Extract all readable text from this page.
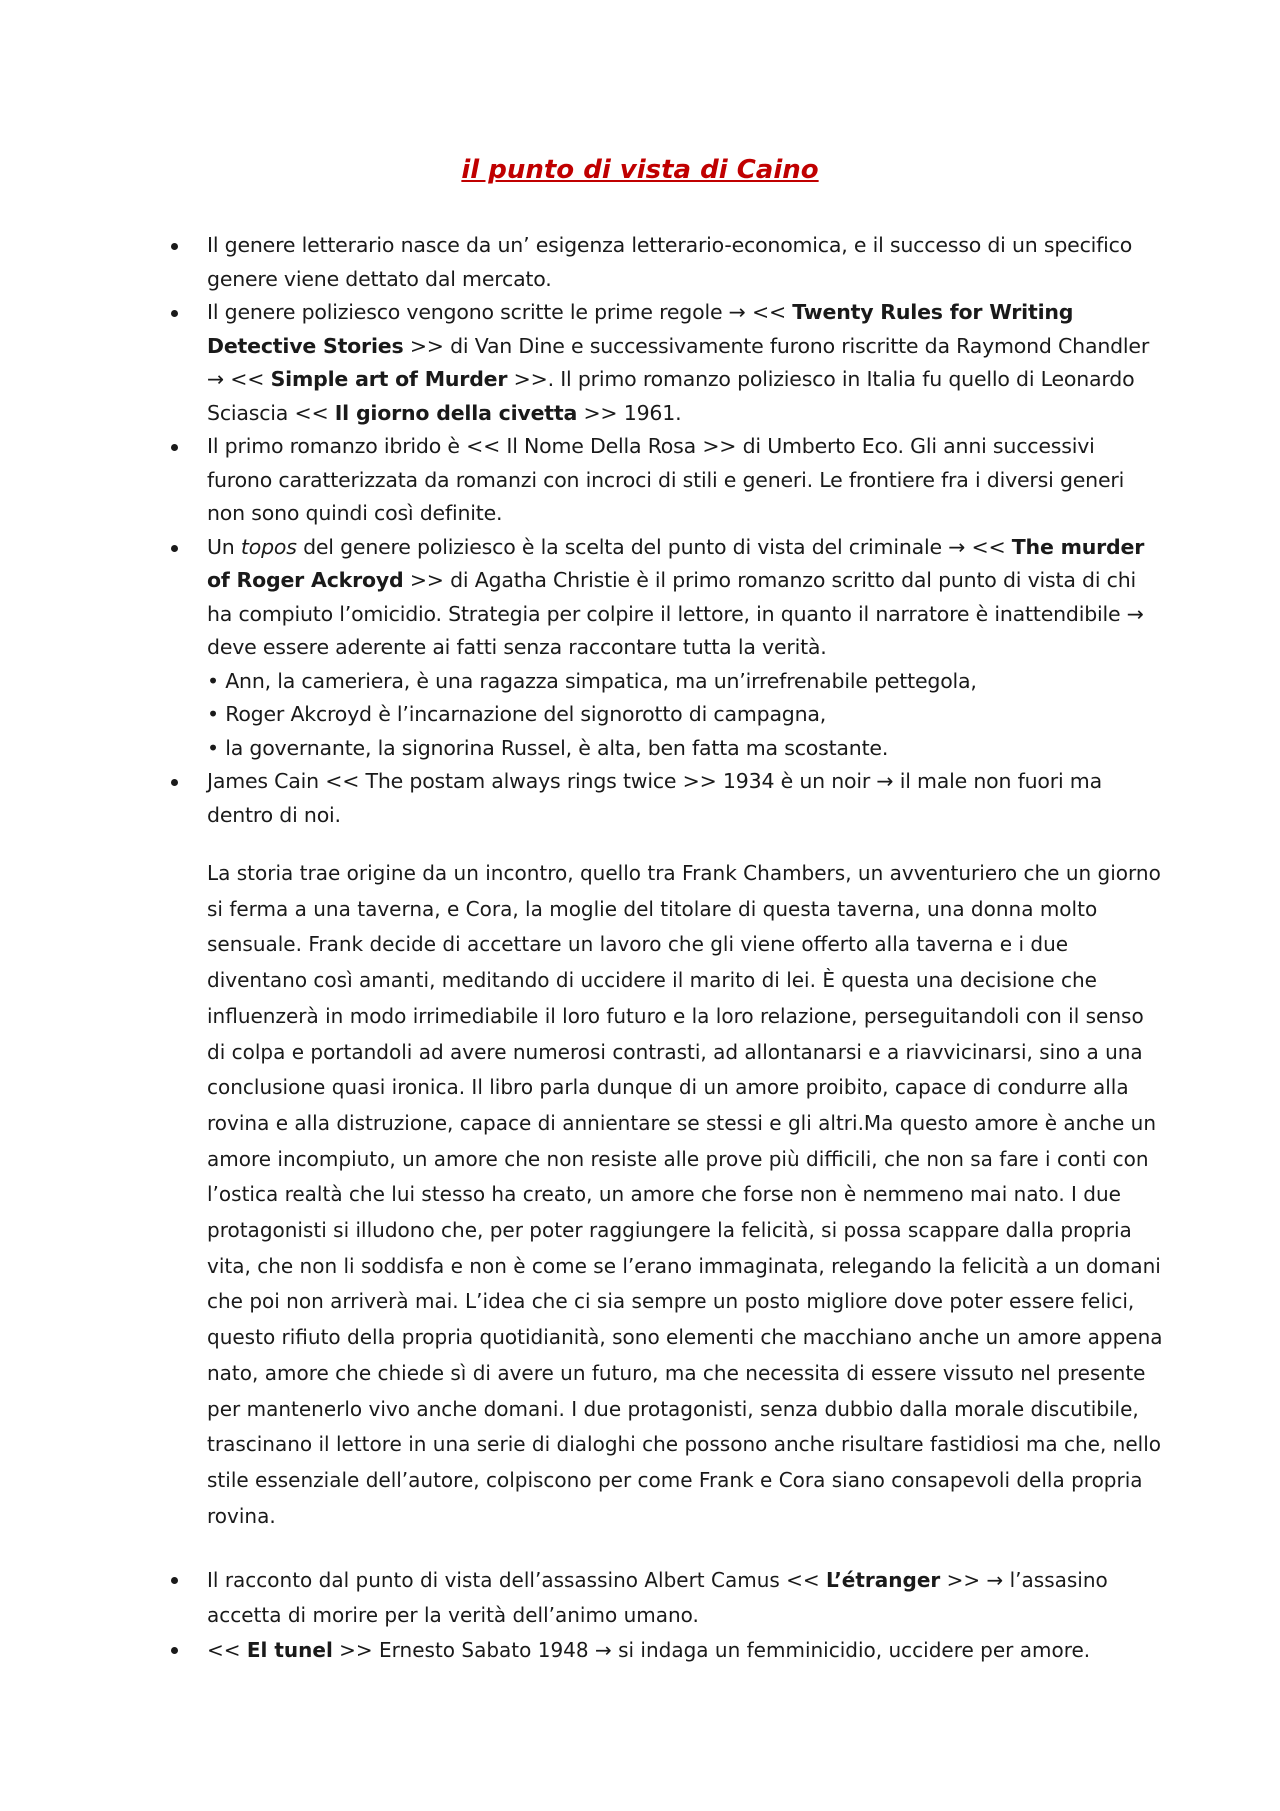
il punto di vista di Caino
Il genere letterario nasce da un’ esigenza letterario-economica, e il successo di un specifico genere viene dettato dal mercato.
Il genere poliziesco vengono scritte le prime regole → << Twenty Rules for Writing Detective Stories >> di Van Dine e successivamente furono riscritte da Raymond Chandler → << Simple art of Murder >>. Il primo romanzo poliziesco in Italia fu quello di Leonardo Sciascia << Il giorno della civetta >> 1961.
Il primo romanzo ibrido è << Il Nome Della Rosa >> di Umberto Eco. Gli anni successivi furono caratterizzata da romanzi con incroci di stili e generi. Le frontiere fra i diversi generi non sono quindi così definite.
Un topos del genere poliziesco è la scelta del punto di vista del criminale → << The murder of Roger Ackroyd >> di Agatha Christie è il primo romanzo scritto dal punto di vista di chi ha compiuto l’omicidio. Strategia per colpire il lettore, in quanto il narratore è inattendibile → deve essere aderente ai fatti senza raccontare tutta la verità.
• Ann, la cameriera, è una ragazza simpatica, ma un’irrefrenabile pettegola,
• Roger Akcroyd è l’incarnazione del signorotto di campagna,
• la governante, la signorina Russel, è alta, ben fatta ma scostante.
James Cain << The postam always rings twice >> 1934 è un noir → il male non fuori ma dentro di noi.

La storia trae origine da un incontro, quello tra Frank Chambers, un avventuriero che un giorno si ferma a una taverna, e Cora, la moglie del titolare di questa taverna, una donna molto sensuale. Frank decide di accettare un lavoro che gli viene offerto alla taverna e i due diventano così amanti, meditando di uccidere il marito di lei. È questa una decisione che influenzerà in modo irrimediabile il loro futuro e la loro relazione, perseguitandoli con il senso di colpa e portandoli ad avere numerosi contrasti, ad allontanarsi e a riavvicinarsi, sino a una conclusione quasi ironica. Il libro parla dunque di un amore proibito, capace di condurre alla rovina e alla distruzione, capace di annientare se stessi e gli altri.Ma questo amore è anche un amore incompiuto, un amore che non resiste alle prove più difficili, che non sa fare i conti con l’ostica realtà che lui stesso ha creato, un amore che forse non è nemmeno mai nato. I due protagonisti si illudono che, per poter raggiungere la felicità, si possa scappare dalla propria vita, che non li soddisfa e non è come se l’erano immaginata, relegando la felicità a un domani che poi non arriverà mai. L’idea che ci sia sempre un posto migliore dove poter essere felici, questo rifiuto della propria quotidianità, sono elementi che macchiano anche un amore appena nato, amore che chiede sì di avere un futuro, ma che necessita di essere vissuto nel presente per mantenerlo vivo anche domani. I due protagonisti, senza dubbio dalla morale discutibile, trascinano il lettore in una serie di dialoghi che possono anche risultare fastidiosi ma che, nello stile essenziale dell’autore, colpiscono per come Frank e Cora siano consapevoli della propria rovina.

Il racconto dal punto di vista dell’assassino Albert Camus << L’étranger >> → l’assasino accetta di morire per la verità dell’animo umano.
<< El tunel >> Ernesto Sabato 1948 → si indaga un femminicidio, uccidere per amore.
